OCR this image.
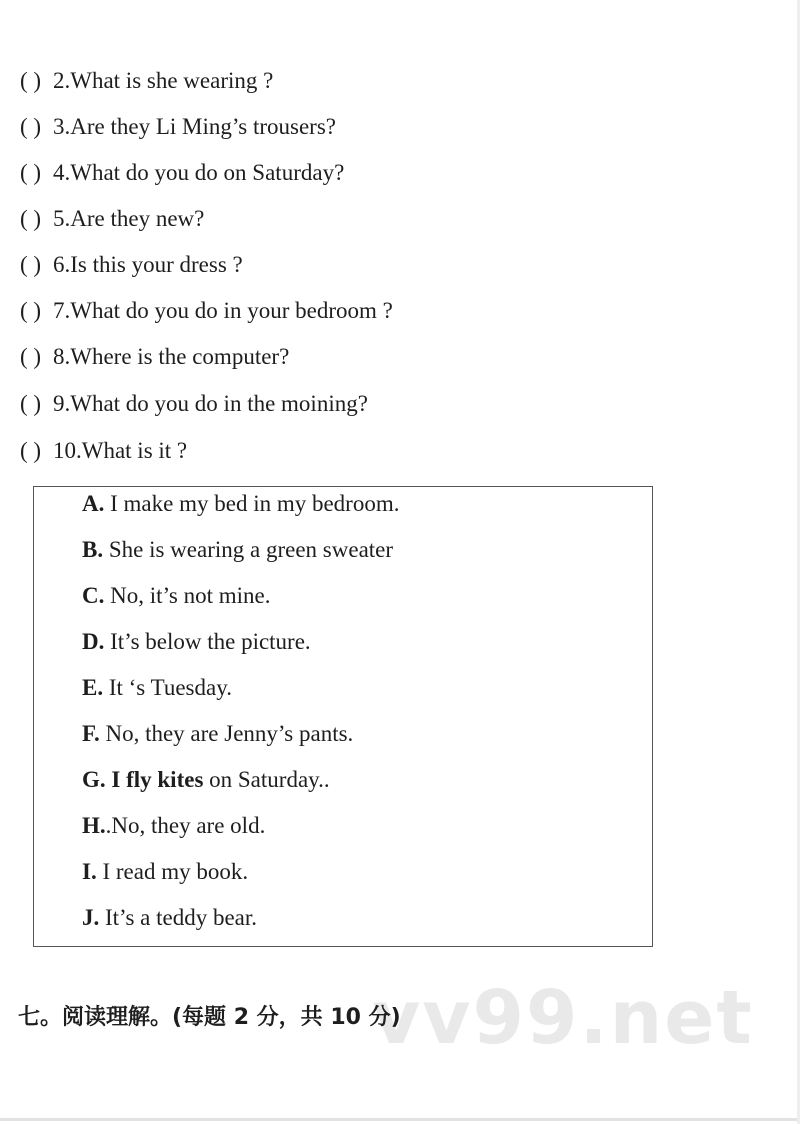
( ) 2.What is she wearing ?
( ) 3.Are they Li Ming’s trousers?
( ) 4.What do you do on Saturday?
( ) 5.Are they new?
( ) 6.Is this your dress ?
( ) 7.What do you do in your bedroom ?
( ) 8.Where is the computer?
( ) 9.What do you do in the moining?
( ) 10.What is it ?
A. I make my bed in my bedroom.
B. She is wearing a green sweater
C. No, it’s not mine.
D. It’s below the picture.
E. It ‘s Tuesday.
F. No, they are Jenny’s pants.
G. I fly kites on Saturday..
H..No, they are old.
I. I read my book.
J. It’s a teddy bear.
vv99.net
七。阅读理解。(每题 2 分，共 10 分)
